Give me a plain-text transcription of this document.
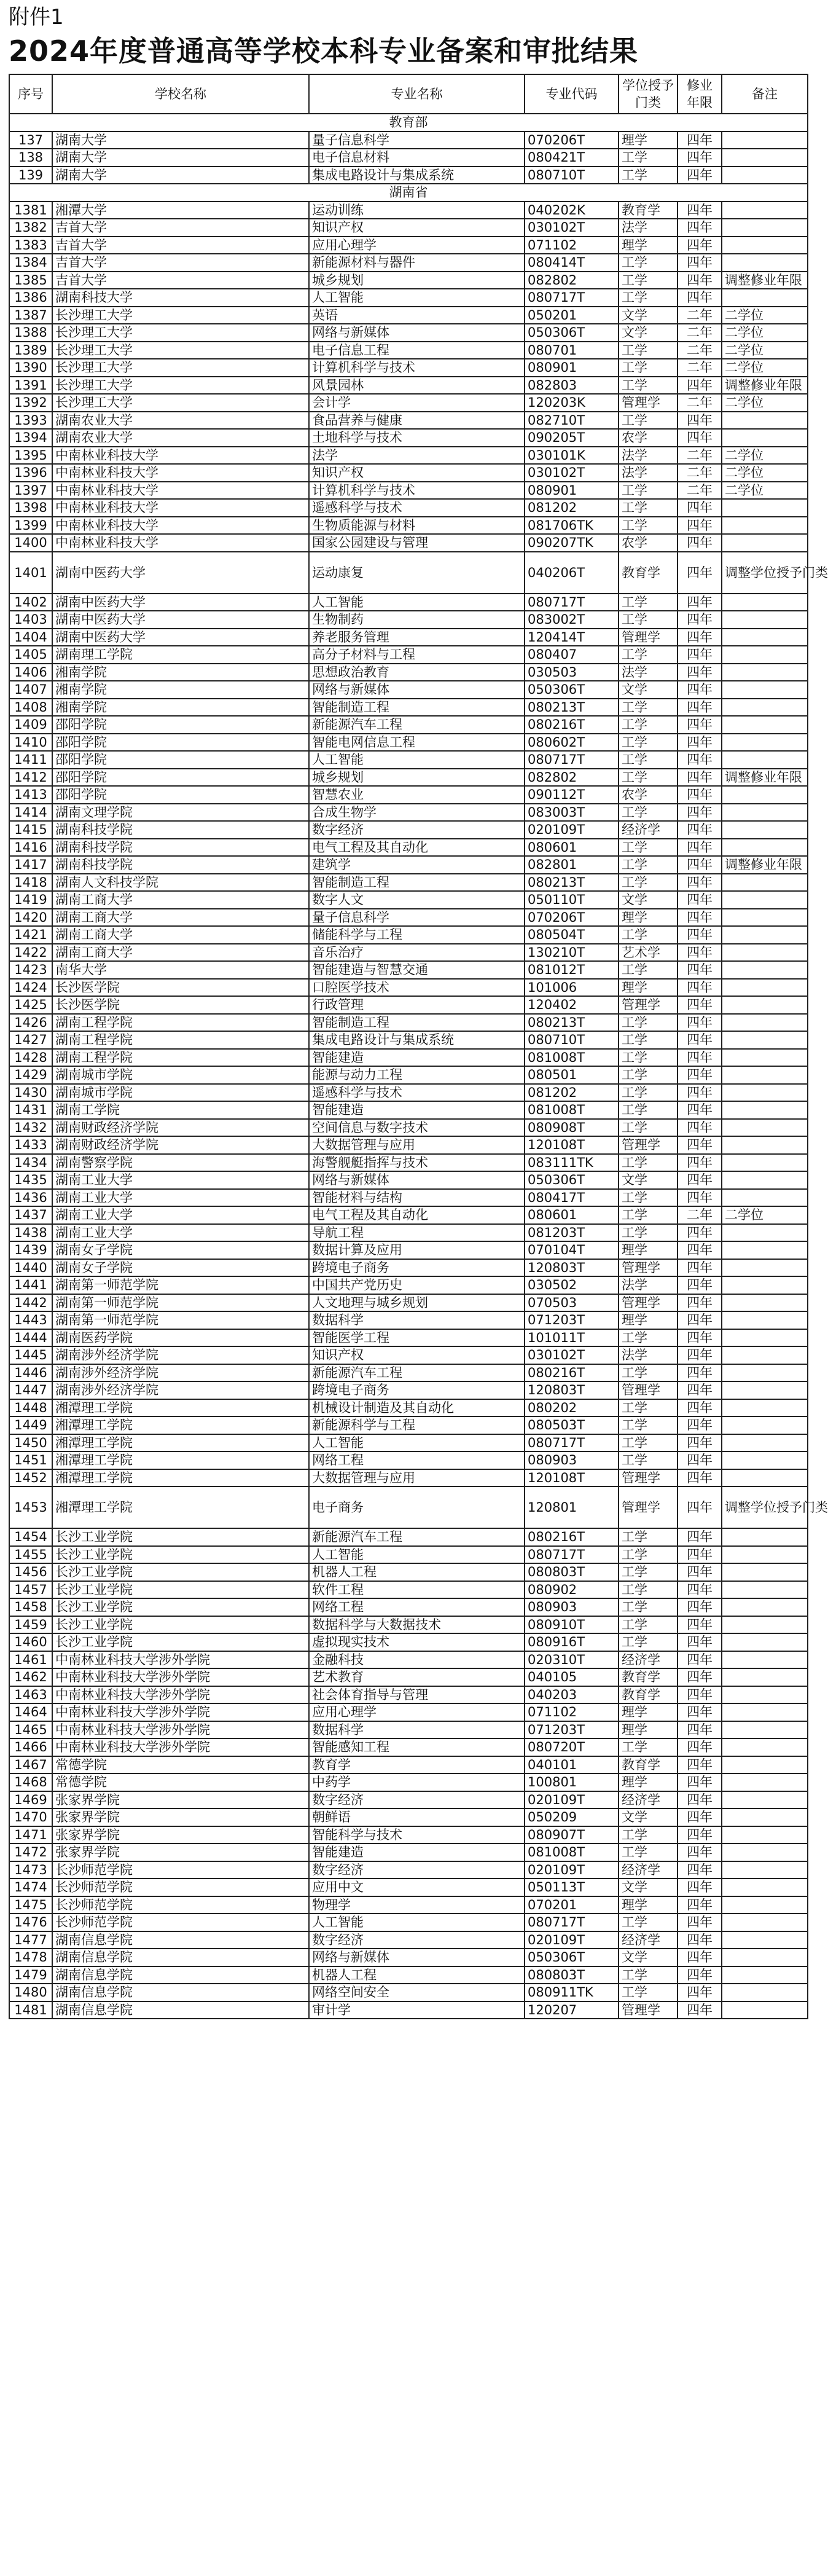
附件1
2024年度普通高等学校本科专业备案和审批结果
序号	学校名称	专业名称	专业代码	学位授予门类	修业年限	备注
教育部						
137	湖南大学	量子信息科学	070206T	理学	四年	
138	湖南大学	电子信息材料	080421T	工学	四年	
139	湖南大学	集成电路设计与集成系统	080710T	工学	四年	
湖南省						
1381	湘潭大学	运动训练	040202K	教育学	四年	
1382	吉首大学	知识产权	030102T	法学	四年	
1383	吉首大学	应用心理学	071102	理学	四年	
1384	吉首大学	新能源材料与器件	080414T	工学	四年	
1385	吉首大学	城乡规划	082802	工学	四年	调整修业年限
1386	湖南科技大学	人工智能	080717T	工学	四年	
1387	长沙理工大学	英语	050201	文学	二年	二学位
1388	长沙理工大学	网络与新媒体	050306T	文学	二年	二学位
1389	长沙理工大学	电子信息工程	080701	工学	二年	二学位
1390	长沙理工大学	计算机科学与技术	080901	工学	二年	二学位
1391	长沙理工大学	风景园林	082803	工学	四年	调整修业年限
1392	长沙理工大学	会计学	120203K	管理学	二年	二学位
1393	湖南农业大学	食品营养与健康	082710T	工学	四年	
1394	湖南农业大学	土地科学与技术	090205T	农学	四年	
1395	中南林业科技大学	法学	030101K	法学	二年	二学位
1396	中南林业科技大学	知识产权	030102T	法学	二年	二学位
1397	中南林业科技大学	计算机科学与技术	080901	工学	二年	二学位
1398	中南林业科技大学	遥感科学与技术	081202	工学	四年	
1399	中南林业科技大学	生物质能源与材料	081706TK	工学	四年	
1400	中南林业科技大学	国家公园建设与管理	090207TK	农学	四年	
1401	湖南中医药大学	运动康复	040206T	教育学	四年	调整学位授予门类
1402	湖南中医药大学	人工智能	080717T	工学	四年	
1403	湖南中医药大学	生物制药	083002T	工学	四年	
1404	湖南中医药大学	养老服务管理	120414T	管理学	四年	
1405	湖南理工学院	高分子材料与工程	080407	工学	四年	
1406	湘南学院	思想政治教育	030503	法学	四年	
1407	湘南学院	网络与新媒体	050306T	文学	四年	
1408	湘南学院	智能制造工程	080213T	工学	四年	
1409	邵阳学院	新能源汽车工程	080216T	工学	四年	
1410	邵阳学院	智能电网信息工程	080602T	工学	四年	
1411	邵阳学院	人工智能	080717T	工学	四年	
1412	邵阳学院	城乡规划	082802	工学	四年	调整修业年限
1413	邵阳学院	智慧农业	090112T	农学	四年	
1414	湖南文理学院	合成生物学	083003T	工学	四年	
1415	湖南科技学院	数字经济	020109T	经济学	四年	
1416	湖南科技学院	电气工程及其自动化	080601	工学	四年	
1417	湖南科技学院	建筑学	082801	工学	四年	调整修业年限
1418	湖南人文科技学院	智能制造工程	080213T	工学	四年	
1419	湖南工商大学	数字人文	050110T	文学	四年	
1420	湖南工商大学	量子信息科学	070206T	理学	四年	
1421	湖南工商大学	储能科学与工程	080504T	工学	四年	
1422	湖南工商大学	音乐治疗	130210T	艺术学	四年	
1423	南华大学	智能建造与智慧交通	081012T	工学	四年	
1424	长沙医学院	口腔医学技术	101006	理学	四年	
1425	长沙医学院	行政管理	120402	管理学	四年	
1426	湖南工程学院	智能制造工程	080213T	工学	四年	
1427	湖南工程学院	集成电路设计与集成系统	080710T	工学	四年	
1428	湖南工程学院	智能建造	081008T	工学	四年	
1429	湖南城市学院	能源与动力工程	080501	工学	四年	
1430	湖南城市学院	遥感科学与技术	081202	工学	四年	
1431	湖南工学院	智能建造	081008T	工学	四年	
1432	湖南财政经济学院	空间信息与数字技术	080908T	工学	四年	
1433	湖南财政经济学院	大数据管理与应用	120108T	管理学	四年	
1434	湖南警察学院	海警舰艇指挥与技术	083111TK	工学	四年	
1435	湖南工业大学	网络与新媒体	050306T	文学	四年	
1436	湖南工业大学	智能材料与结构	080417T	工学	四年	
1437	湖南工业大学	电气工程及其自动化	080601	工学	二年	二学位
1438	湖南工业大学	导航工程	081203T	工学	四年	
1439	湖南女子学院	数据计算及应用	070104T	理学	四年	
1440	湖南女子学院	跨境电子商务	120803T	管理学	四年	
1441	湖南第一师范学院	中国共产党历史	030502	法学	四年	
1442	湖南第一师范学院	人文地理与城乡规划	070503	管理学	四年	
1443	湖南第一师范学院	数据科学	071203T	理学	四年	
1444	湖南医药学院	智能医学工程	101011T	工学	四年	
1445	湖南涉外经济学院	知识产权	030102T	法学	四年	
1446	湖南涉外经济学院	新能源汽车工程	080216T	工学	四年	
1447	湖南涉外经济学院	跨境电子商务	120803T	管理学	四年	
1448	湘潭理工学院	机械设计制造及其自动化	080202	工学	四年	
1449	湘潭理工学院	新能源科学与工程	080503T	工学	四年	
1450	湘潭理工学院	人工智能	080717T	工学	四年	
1451	湘潭理工学院	网络工程	080903	工学	四年	
1452	湘潭理工学院	大数据管理与应用	120108T	管理学	四年	
1453	湘潭理工学院	电子商务	120801	管理学	四年	调整学位授予门类
1454	长沙工业学院	新能源汽车工程	080216T	工学	四年	
1455	长沙工业学院	人工智能	080717T	工学	四年	
1456	长沙工业学院	机器人工程	080803T	工学	四年	
1457	长沙工业学院	软件工程	080902	工学	四年	
1458	长沙工业学院	网络工程	080903	工学	四年	
1459	长沙工业学院	数据科学与大数据技术	080910T	工学	四年	
1460	长沙工业学院	虚拟现实技术	080916T	工学	四年	
1461	中南林业科技大学涉外学院	金融科技	020310T	经济学	四年	
1462	中南林业科技大学涉外学院	艺术教育	040105	教育学	四年	
1463	中南林业科技大学涉外学院	社会体育指导与管理	040203	教育学	四年	
1464	中南林业科技大学涉外学院	应用心理学	071102	理学	四年	
1465	中南林业科技大学涉外学院	数据科学	071203T	理学	四年	
1466	中南林业科技大学涉外学院	智能感知工程	080720T	工学	四年	
1467	常德学院	教育学	040101	教育学	四年	
1468	常德学院	中药学	100801	理学	四年	
1469	张家界学院	数字经济	020109T	经济学	四年	
1470	张家界学院	朝鲜语	050209	文学	四年	
1471	张家界学院	智能科学与技术	080907T	工学	四年	
1472	张家界学院	智能建造	081008T	工学	四年	
1473	长沙师范学院	数字经济	020109T	经济学	四年	
1474	长沙师范学院	应用中文	050113T	文学	四年	
1475	长沙师范学院	物理学	070201	理学	四年	
1476	长沙师范学院	人工智能	080717T	工学	四年	
1477	湖南信息学院	数字经济	020109T	经济学	四年	
1478	湖南信息学院	网络与新媒体	050306T	文学	四年	
1479	湖南信息学院	机器人工程	080803T	工学	四年	
1480	湖南信息学院	网络空间安全	080911TK	工学	四年	
1481	湖南信息学院	审计学	120207	管理学	四年	
